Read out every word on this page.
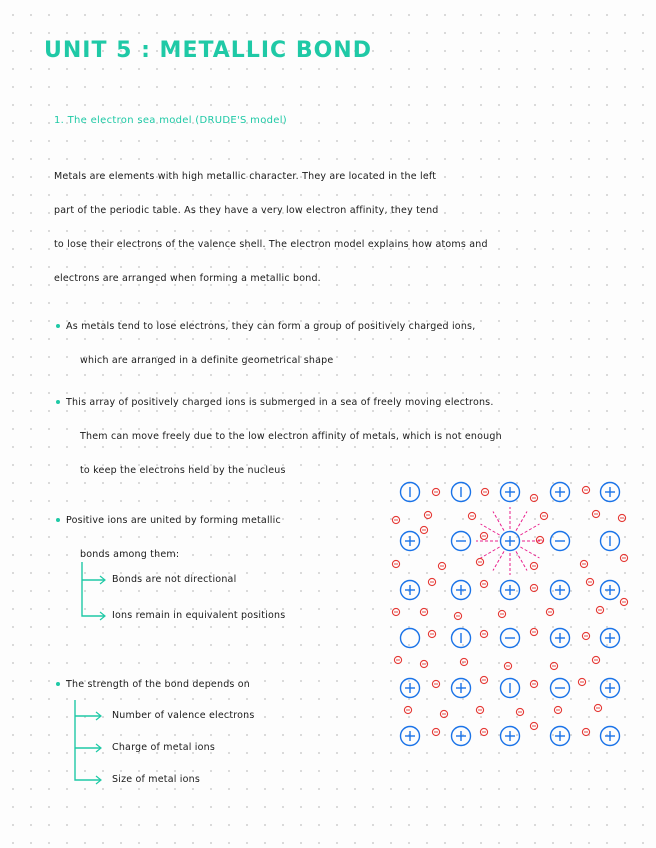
UNIT 5 : METALLIC BOND
1. The electron sea model (DRUDE'S model)
Metals are elements with high metallic character. They are located in the left
part of the periodic table. As they have a very low electron affinity, they tend
to lose their electrons of the valence shell. The electron model explains how atoms and
electrons are arranged when forming a metallic bond.
As metals tend to lose electrons, they can form a group of positively charged ions,
which are arranged in a definite geometrical shape
This array of positively charged ions is submerged in a sea of freely moving electrons.
Them can move freely due to the low electron affinity of metals, which is not enough
to keep the electrons held by the nucleus
Positive ions are united by forming metallic
bonds among them:
Bonds are not directional
Ions remain in equivalent positions
The strength of the bond depends on
Number of valence electrons
Charge of metal ions
Size of metal ions
